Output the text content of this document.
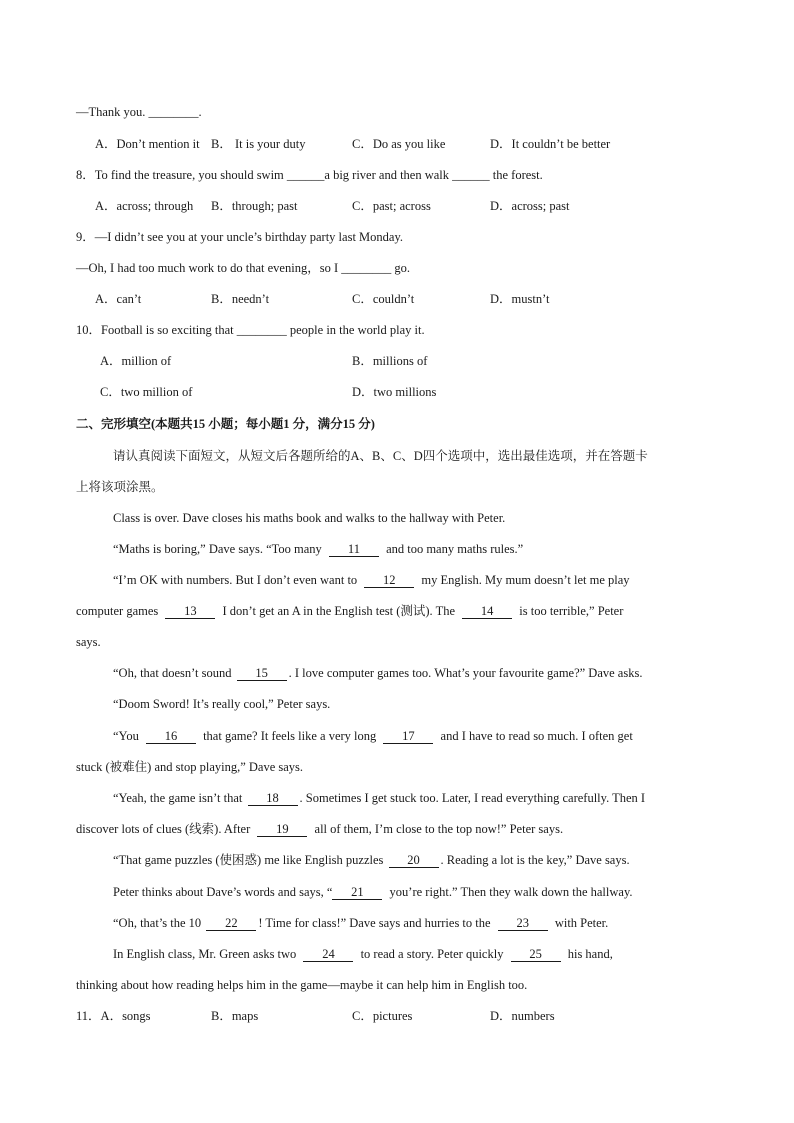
—Thank you. ________.
A．Don’t mention it B． It is your duty	C．Do as you like	D．It couldn’t be better
8．To find the treasure, you should swim ______a big river and then walk ______ the forest.
A．across; through B．through; past	C．past; across	D．across; past
9．—I didn’t see you at your uncle’s birthday party last Monday.
—Oh, I had too much work to do that evening，so I ________ go.
A．can’t	B．needn’t	C．couldn’t	D．mustn’t
10．Football is so exciting that ________ people in the world play it.
A．million of	B．millions of
C．two million of	D．two millions
二、完形填空(本题共15 小题；每小题1 分，满分15 分)
请认真阅读下面短文，从短文后各题所给的A、B、C、D四个选项中，选出最佳选项，并在答题卡
上将该项涂黑。
Class is over. Dave closes his maths book and walks to the hallway with Peter.
“Maths is boring,” Dave says. “Too many 11 and too many maths rules.”
“I’m OK with numbers. But I don’t even want to 12 my English. My mum doesn’t let me play
computer games 13 I don’t get an A in the English test (测试). The 14 is too terrible,” Peter
says.
“Oh, that doesn’t sound 15 . I love computer games too. What’s your favourite game?” Dave asks.
“Doom Sword! It’s really cool,” Peter says.
“You 16 that game? It feels like a very long 17 and I have to read so much. I often get
stuck (被难住) and stop playing,” Dave says.
“Yeah, the game isn’t that 18 . Sometimes I get stuck too. Later, I read everything carefully. Then I
discover lots of clues (线索). After 19 all of them, I’m close to the top now!” Peter says.
“That game puzzles (使困惑) me like English puzzles 20 . Reading a lot is the key,” Dave says.
Peter thinks about Dave’s words and says, “ 21 you’re right.” Then they walk down the hallway.
“Oh, that’s the 10 22 ! Time for class!” Dave says and hurries to the 23 with Peter.
In English class, Mr. Green asks two 24 to read a story. Peter quickly 25 his hand,
thinking about how reading helps him in the game—maybe it can help him in English too.
11．A．songs	B．maps	C．pictures	D．numbers
